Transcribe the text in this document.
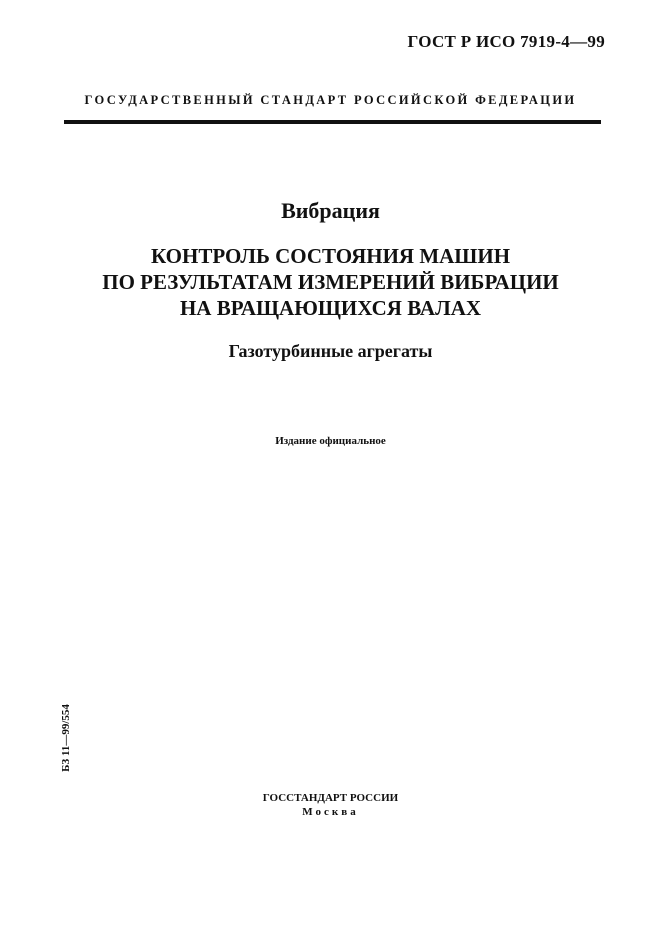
ГОСТ Р ИСО 7919-4—99
ГОСУДАРСТВЕННЫЙ СТАНДАРТ РОССИЙСКОЙ ФЕДЕРАЦИИ
Вибрация
КОНТРОЛЬ СОСТОЯНИЯ МАШИН
ПО РЕЗУЛЬТАТАМ ИЗМЕРЕНИЙ ВИБРАЦИИ
НА ВРАЩАЮЩИХСЯ ВАЛАХ
Газотурбинные агрегаты
Издание официальное
БЗ 11—99/554
ГОССТАНДАРТ РОССИИ
Москва
